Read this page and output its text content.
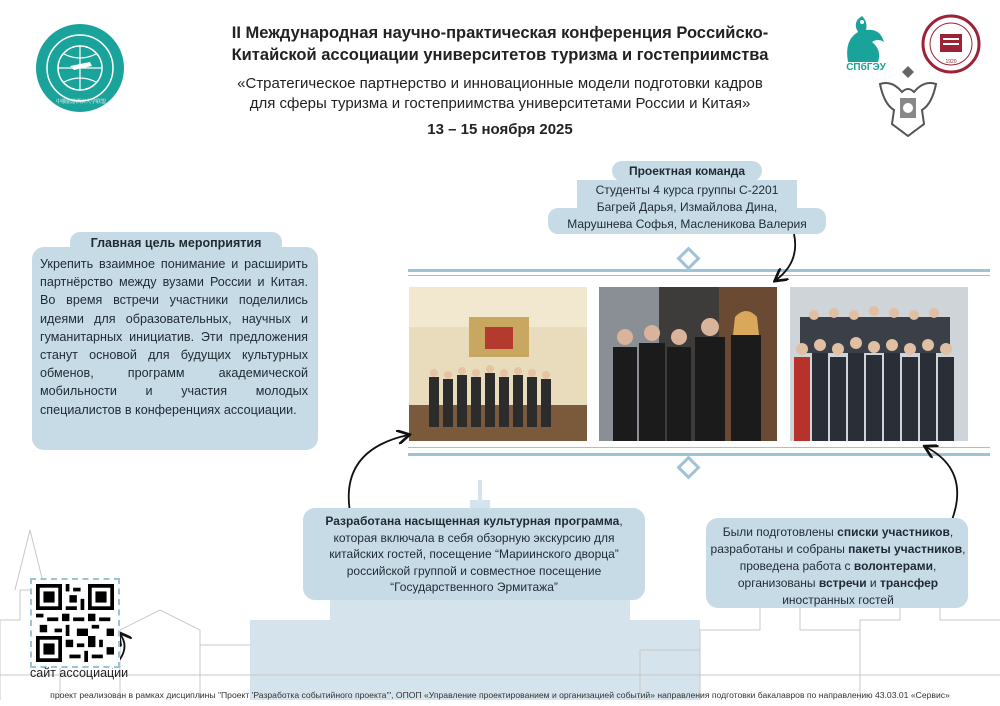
中俄旅游酒店大学联盟
СПбГЭУ	1920
II Международная научно-практическая конференция Российско-
Китайской ассоциации университетов туризма и гостеприимства
«Стратегическое партнерство и инновационные модели подготовки кадров
для сферы туризма и гостеприимства университетами России и Китая»
13 – 15 ноября 2025
Главная цель мероприятия
Укрепить взаимное понимание и расширить партнёрство между вузами России и Китая. Во время встречи участники поделились идеями для образовательных, научных и гуманитарных инициатив. Эти предложения станут основой для будущих культурных обменов, программ академической мобильности и участия молодых специалистов в конференциях ассоциации.
Проектная команда
Студенты 4 курса группы С-2201
Багрей Дарья, Измайлова Дина,
Марушнева Софья, Масленикова Валерия
Разработана насыщенная культурная программа, которая включала в себя обзорную экскурсию для китайских гостей, посещение “Мариинского дворца” российской группой и совместное посещение “Государственного Эрмитажа”
Были подготовлены списки участников, разработаны и собраны пакеты участников, проведена работа с волонтерами, организованы встречи и трансфер иностранных гостей
сайт ассоциации
проект реализован в рамках дисциплины "Проект 'Разработка событийного проекта'", ОПОП «Управление проектированием и организацией событий» направления подготовки бакалавров по направлению 43.03.01 «Сервис»
